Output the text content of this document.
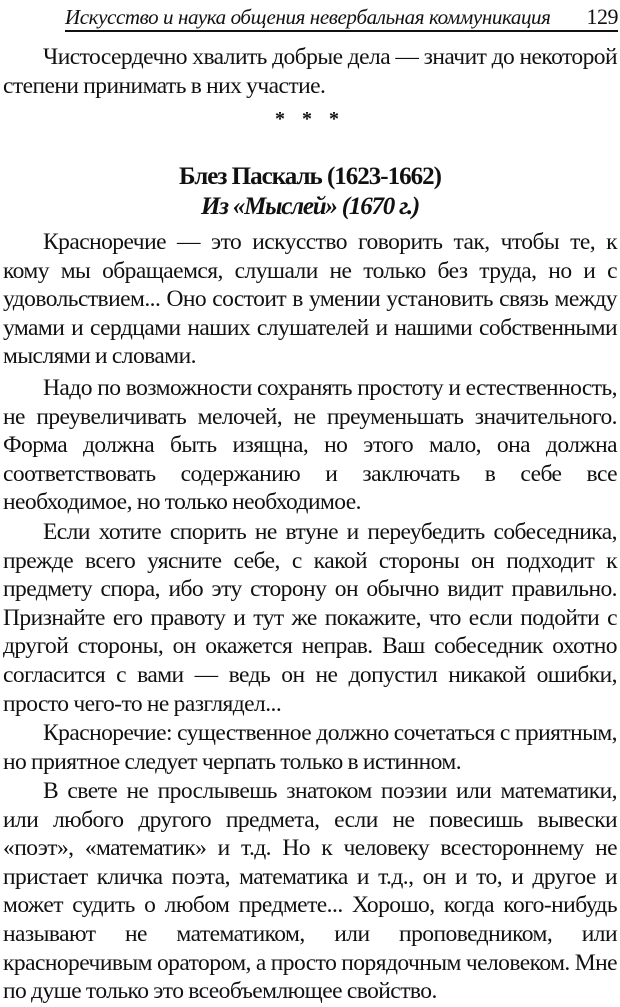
Искусство и наука общения невербальная коммуникация 129

Чистосердечно хвалить добрые дела — значит до некоторой степени принимать в них участие.

* * *
Блез Паскаль (1623-1662)
Из «Мыслей» (1670 г.)

Красноречие — это искусство говорить так, чтобы те, к кому мы обращаемся, слушали не только без труда, но и с удовольствием... Оно состоит в умении установить связь между умами и сердцами наших слушателей и нашими собственными мыслями и словами.

Надо по возможности сохранять простоту и естественность, не преувеличивать мелочей, не преуменьшать значительного. Форма должна быть изящна, но этого мало, она должна соответствовать содержанию и заключать в себе все необходимое, но только необходимое.

Если хотите спорить не втуне и переубедить собеседника, прежде всего уясните себе, с какой стороны он подходит к предмету спора, ибо эту сторону он обычно видит правильно. Признайте его правоту и тут же покажите, что если подойти с другой стороны, он окажется неправ. Ваш собеседник охотно согласится с вами — ведь он не допустил никакой ошибки, просто чего-то не разглядел...

Красноречие: существенное должно сочетаться с приятным, но приятное следует черпать только в истинном.

В свете не прослывешь знатоком поэзии или математики, или любого другого предмета, если не повесишь вывески «поэт», «математик» и т.д. Но к человеку всестороннему не пристает кличка поэта, математика и т.д., он и то, и другое и может судить о любом предмете... Хорошо, когда кого-нибудь называют не математиком, или проповедником, или красноречивым оратором, а просто порядочным человеком. Мне по душе только это всеобъемлющее свойство.
